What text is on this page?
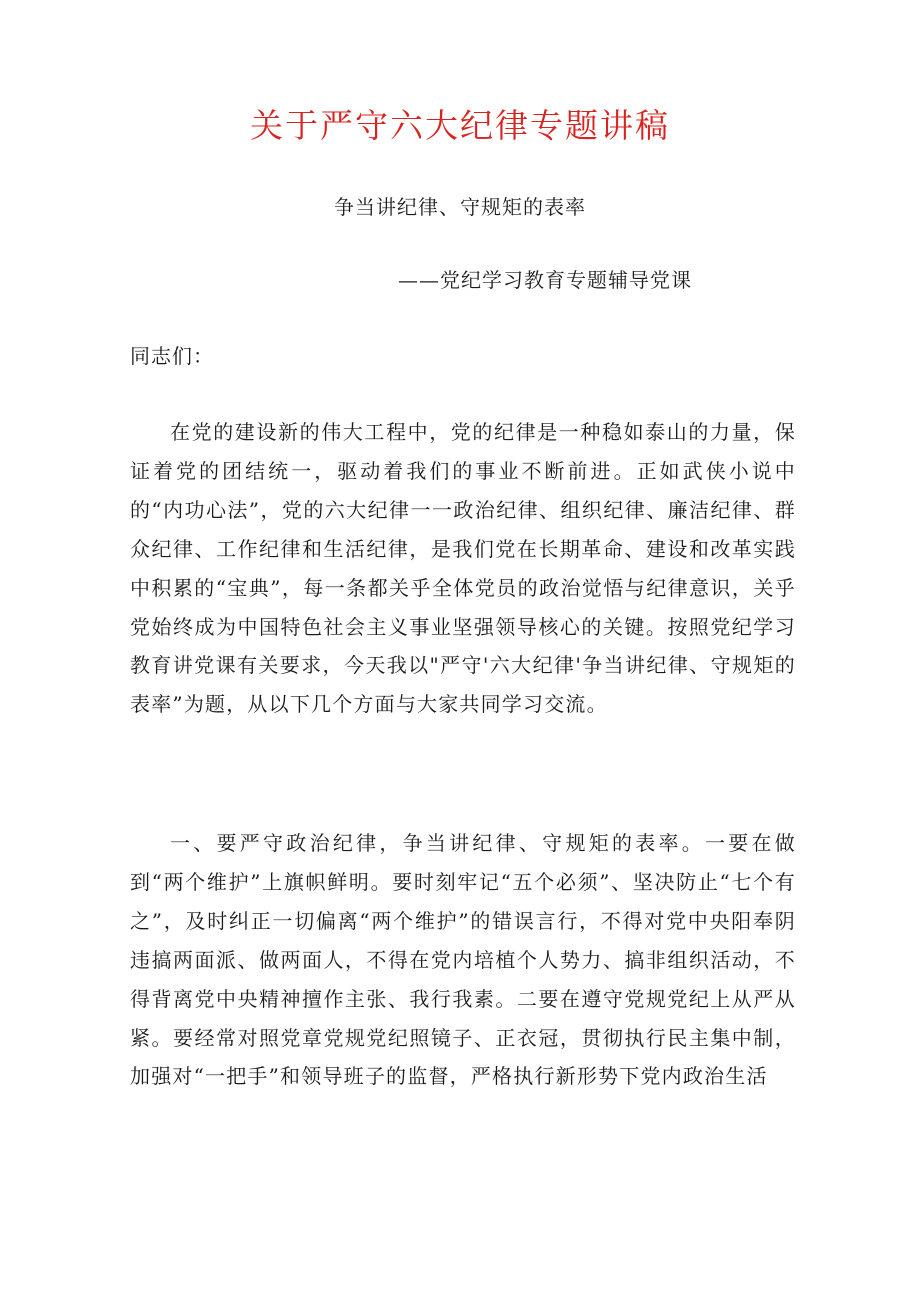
关于严守六大纪律专题讲稿
争当讲纪律、守规矩的表率
——党纪学习教育专题辅导党课
同志们：

在党的建设新的伟大工程中，党的纪律是一种稳如泰山的力量，保证着党的团结统一，驱动着我们的事业不断前进。正如武侠小说中的“内功心法”，党的六大纪律一一政治纪律、组织纪律、廉洁纪律、群众纪律、工作纪律和生活纪律，是我们党在长期革命、建设和改革实践中积累的“宝典”，每一条都关乎全体党员的政治觉悟与纪律意识，关乎党始终成为中国特色社会主义事业坚强领导核心的关键。按照党纪学习教育讲党课有关要求，今天我以"严守'六大纪律'争当讲纪律、守规矩的表率”为题，从以下几个方面与大家共同学习交流。

一、要严守政治纪律，争当讲纪律、守规矩的表率。一要在做到“两个维护”上旗帜鲜明。要时刻牢记“五个必须”、坚决防止“七个有之”，及时纠正一切偏离“两个维护”的错误言行，不得对党中央阳奉阴违搞两面派、做两面人，不得在党内培植个人势力、搞非组织活动，不得背离党中央精神擅作主张、我行我素。二要在遵守党规党纪上从严从紧。要经常对照党章党规党纪照镜子、正衣冠，贯彻执行民主集中制，加强对“一把手”和领导班子的监督，严格执行新形势下党内政治生活
